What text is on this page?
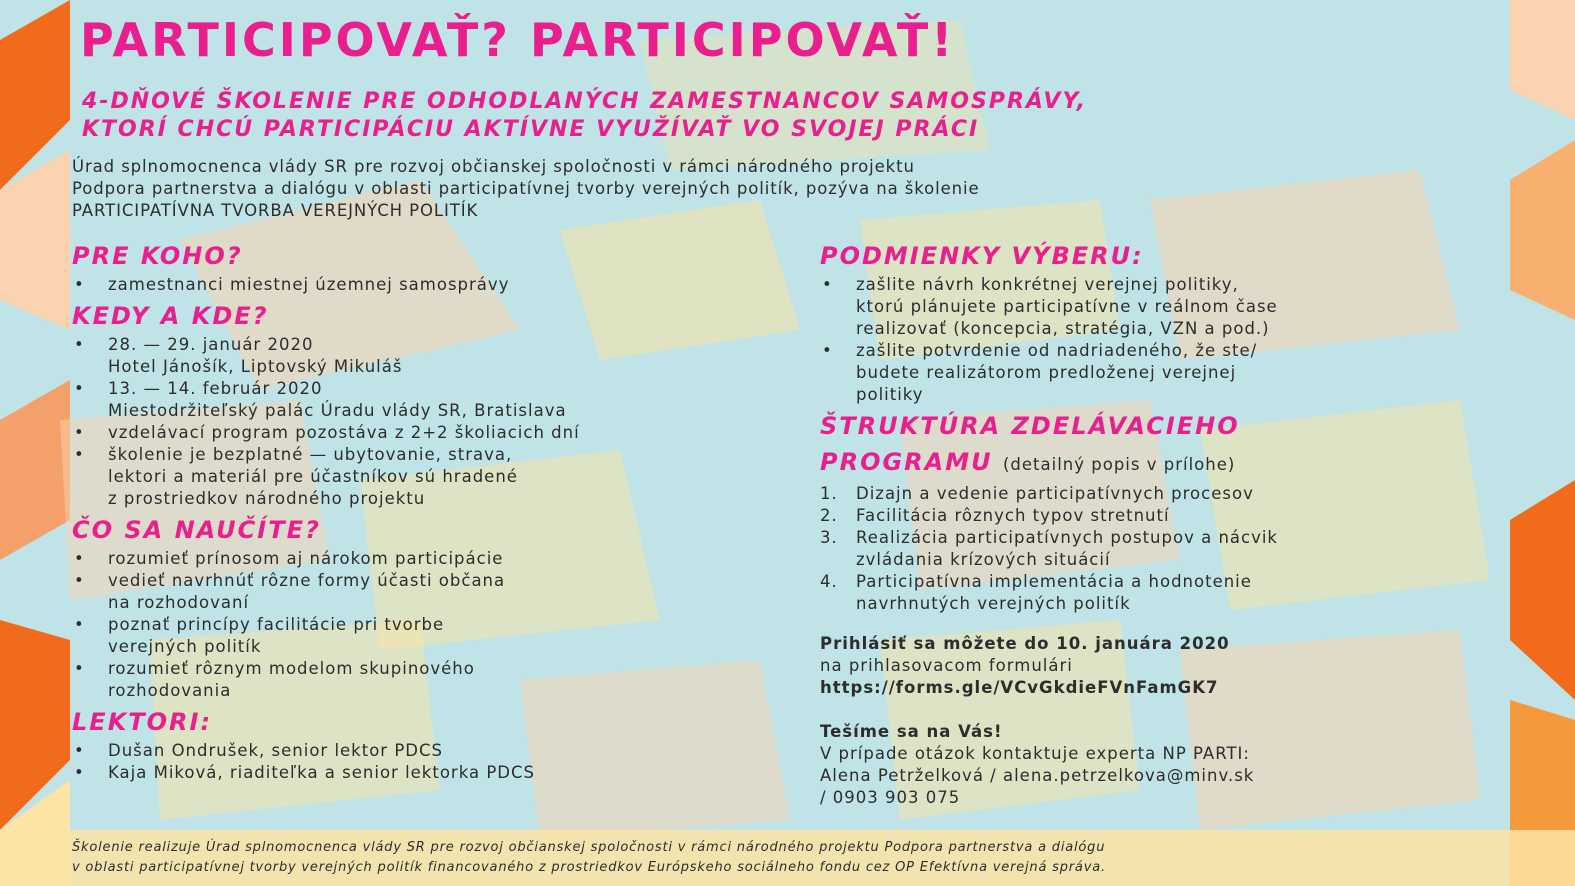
PARTICIPOVAŤ? PARTICIPOVAŤ!
4-DŇOVÉ ŠKOLENIE PRE ODHODLANÝCH ZAMESTNANCOV SAMOSPRÁVY,
KTORÍ CHCÚ PARTICIPÁCIU AKTÍVNE VYUŽÍVAŤ VO SVOJEJ PRÁCI
Úrad splnomocnenca vlády SR pre rozvoj občianskej spoločnosti v rámci národného projektu
Podpora partnerstva a dialógu v oblasti participatívnej tvorby verejných politík, pozýva na školenie
PARTICIPATÍVNA TVORBA VEREJNÝCH POLITÍK
PRE KOHO?
• zamestnanci miestnej územnej samosprávy
KEDY A KDE?
• 28. — 29. január 2020
Hotel Jánošík, Liptovský Mikuláš
• 13. — 14. február 2020
Miestodržiteľský palác Úradu vlády SR, Bratislava
• vzdelávací program pozostáva z 2+2 školiacich dní
• školenie je bezplatné — ubytovanie, strava,
lektori a materiál pre účastníkov sú hradené
z prostriedkov národného projektu
ČO SA NAUČÍTE?
• rozumieť prínosom aj nárokom participácie
• vedieť navrhnúť rôzne formy účasti občana
na rozhodovaní
• poznať princípy facilitácie pri tvorbe
verejných politík
• rozumieť rôznym modelom skupinového
rozhodovania
LEKTORI:
• Dušan Ondrušek, senior lektor PDCS
• Kaja Miková, riaditeľka a senior lektorka PDCS
PODMIENKY VÝBERU:
• zašlite návrh konkrétnej verejnej politiky,
ktorú plánujete participatívne v reálnom čase
realizovať (koncepcia, stratégia, VZN a pod.)
• zašlite potvrdenie od nadriadeného, že ste/
budete realizátorom predloženej verejnej
politiky
ŠTRUKTÚRA ZDELÁVACIEHO
PROGRAMU (detailný popis v prílohe)
1. Dizajn a vedenie participatívnych procesov
2. Facilitácia rôznych typov stretnutí
3. Realizácia participatívnych postupov a nácvik
zvládania krízových situácií
4. Participatívna implementácia a hodnotenie
navrhnutých verejných politík
Prihlásiť sa môžete do 10. januára 2020
na prihlasovacom formulári
https://forms.gle/VCvGkdieFVnFamGK7
Tešíme sa na Vás!
V prípade otázok kontaktuje experta NP PARTI:
Alena Petrželková / alena.petrzelkova@minv.sk
/ 0903 903 075
Školenie realizuje Úrad splnomocnenca vlády SR pre rozvoj občianskej spoločnosti v rámci národného projektu Podpora partnerstva a dialógu
v oblasti participatívnej tvorby verejných politík financovaného z prostriedkov Európskeho sociálneho fondu cez OP Efektívna verejná správa.
